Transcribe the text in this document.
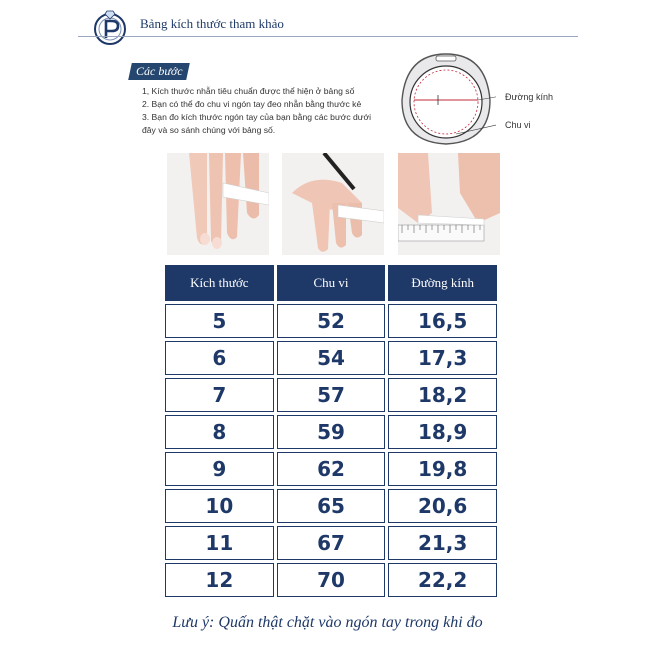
Bảng kích thước tham khảo
Các bước
1, Kích thước nhẫn tiêu chuẩn được thể hiện ở bảng số
2. Bạn có thể đo chu vi ngón tay đeo nhẫn bằng thước kẻ
3. Bạn đo kích thước ngón tay của bạn bằng các bước dưới
đây và so sánh chúng với bảng số.
Đường kính
Chu vi
Kích thước	Chu vi	Đường kính
5	52	16,5
6	54	17,3
7	57	18,2
8	59	18,9
9	62	19,8
10	65	20,6
11	67	21,3
12	70	22,2
Lưu ý: Quấn thật chặt vào ngón tay trong khi đo
